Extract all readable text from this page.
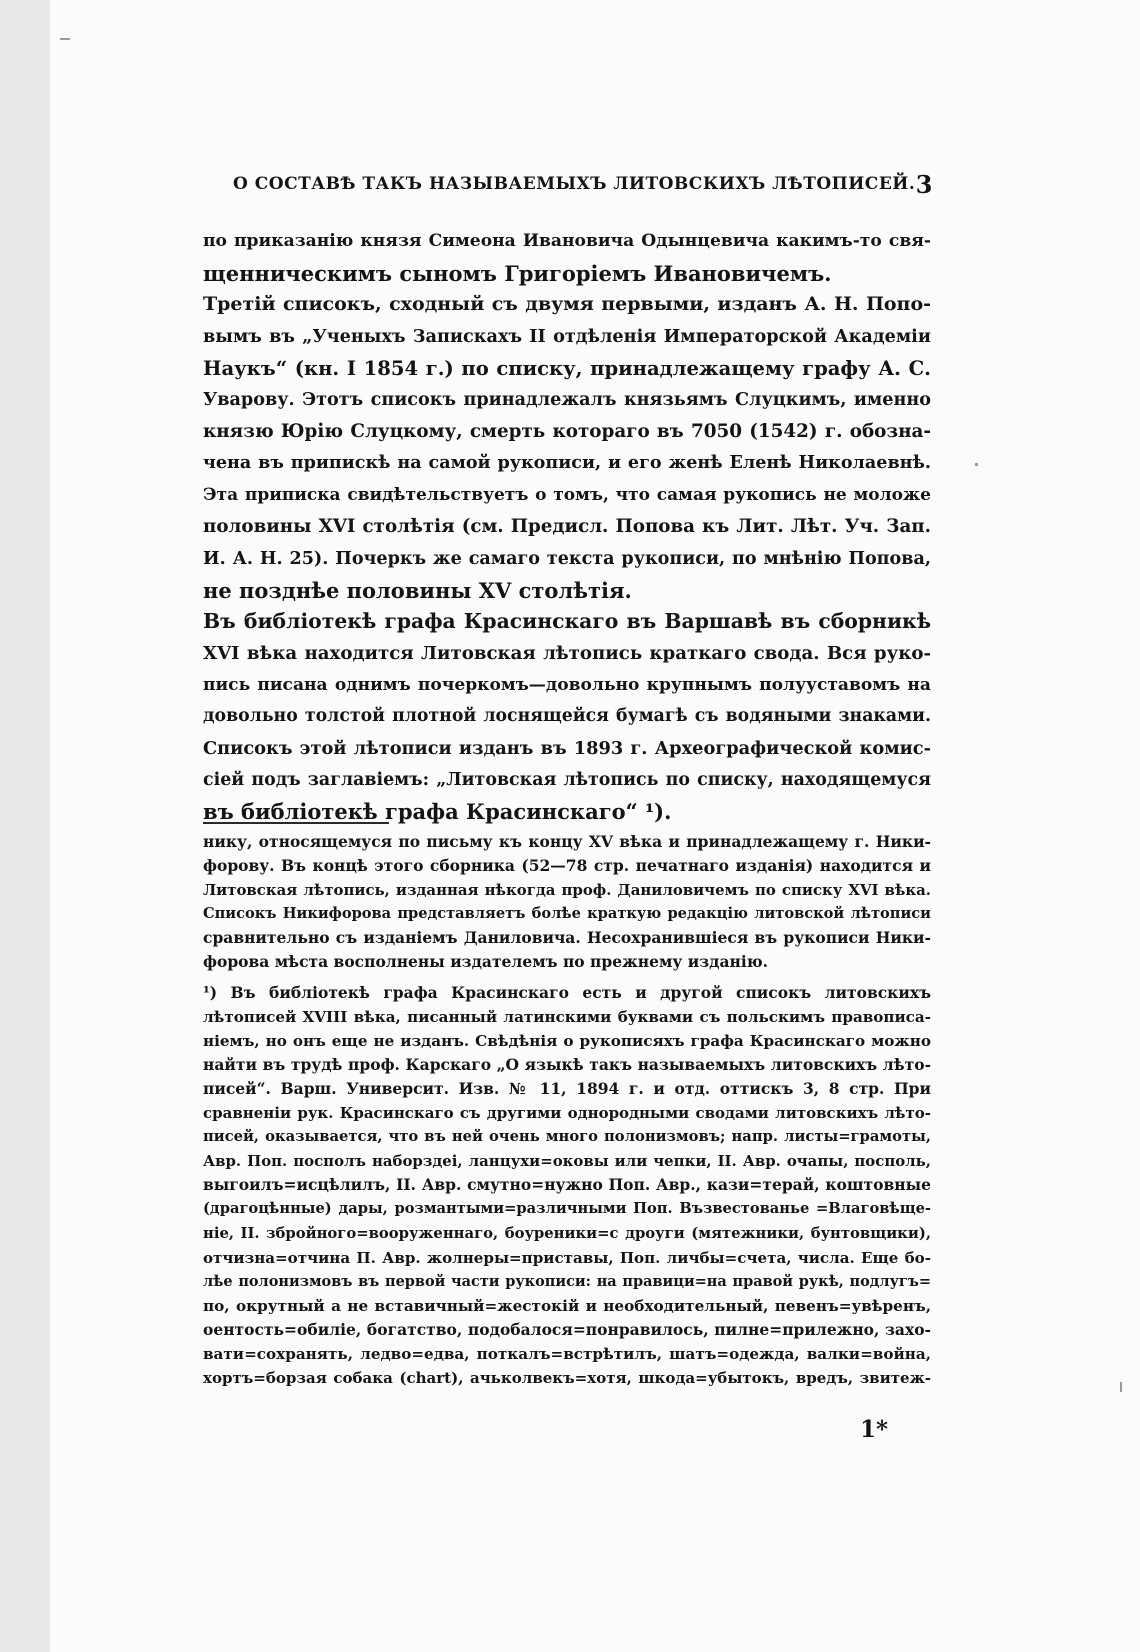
О СОСТАВѢ ТАКЪ НАЗЫВАЕМЫХЪ ЛИТОВСКИХЪ ЛѢТОПИСЕЙ. 3
по приказанію князя Симеона Ивановича Одынцевича какимъ-то свя-
щенническимъ сыномъ Григоріемъ Ивановичемъ.
Третій списокъ, сходный съ двумя первыми, изданъ А. Н. Попо-
вымъ въ „Ученыхъ Запискахъ II отдѣленія Императорской Академіи
Наукъ“ (кн. I 1854 г.) по списку, принадлежащему графу А. С.
Уварову. Этотъ списокъ принадлежалъ князьямъ Слуцкимъ, именно
князю Юрію Слуцкому, смерть котораго въ 7050 (1542) г. обозна-
чена въ припискѣ на самой рукописи, и его женѣ Еленѣ Николаевнѣ.
Эта приписка свидѣтельствуетъ о томъ, что самая рукопись не моложе
половины XVI столѣтія (см. Предисл. Попова къ Лит. Лѣт. Уч. Зап.
И. А. Н. 25). Почеркъ же самаго текста рукописи, по мнѣнію Попова,
не позднѣе половины XV столѣтія.
Въ библіотекѣ графа Красинскаго въ Варшавѣ въ сборникѣ
XVI вѣка находится Литовская лѣтопись краткаго свода. Вся руко-
пись писана однимъ почеркомъ—довольно крупнымъ полууставомъ на
довольно толстой плотной лоснящейся бумагѣ съ водяными знаками.
Списокъ этой лѣтописи изданъ въ 1893 г. Археографической комис-
сіей подъ заглавіемъ: „Литовская лѣтопись по списку, находящемуся
въ библіотекѣ графа Красинскаго“ ¹).
нику, относящемуся по письму къ концу XV вѣка и принадлежащему г. Ники-
форову. Въ концѣ этого сборника (52—78 стр. печатнаго изданія) находится и
Литовская лѣтопись, изданная нѣкогда проф. Даниловичемъ по списку XVI вѣка.
Списокъ Никифорова представляетъ болѣе краткую редакцію литовской лѣтописи
сравнительно съ изданіемъ Даниловича. Несохранившіеся въ рукописи Ники-
форова мѣста восполнены издателемъ по прежнему изданію.
¹) Въ библіотекѣ графа Красинскаго есть и другой списокъ литовскихъ
лѣтописей XVIII вѣка, писанный латинскими буквами съ польскимъ правописа-
ніемъ, но онъ еще не изданъ. Свѣдѣнія о рукописяхъ графа Красинскаго можно
найти въ трудѣ проф. Карскаго „О языкѣ такъ называемыхъ литовскихъ лѣто-
писей“. Варш. Университ. Изв. № 11, 1894 г. и отд. оттискъ 3, 8 стр. При
сравненіи рук. Красинскаго съ другими однородными сводами литовскихъ лѣто-
писей, оказывается, что въ ней очень много полонизмовъ; напр. листы=грамоты,
Авр. Поп. посполъ наборздеі, ланцухи=оковы или чепки, II. Авр. очапы, посполь,
выгоилъ=исцѣлилъ, II. Авр. смутно=нужно Поп. Авр., кази=терай, коштовные
(драгоцѣнные) дары, розмантыми=различными Поп. Възвестованье =Влаговѣще-
ніе, II. збройного=вооруженнаго, боуреники=с дроуги (мятежники, бунтовщики),
отчизна=отчина П. Авр. жолнеры=приставы, Поп. личбы=счета, числа. Еще бо-
лѣе полонизмовъ въ первой части рукописи: на правици=на правой рукѣ, подлугъ=
по, окрутный а не вставичный=жестокій и необходительный, певенъ=увѣренъ,
оентость=обиліе, богатство, подобалося=понравилось, пилне=прилежно, захо-
вати=сохранять, ледво=едва, поткалъ=встрѣтилъ, шатъ=одежда, валки=война,
хортъ=борзая собака (chart), ачьколвекъ=хотя, шкода=убытокъ, вредъ, звитеж-
1*
